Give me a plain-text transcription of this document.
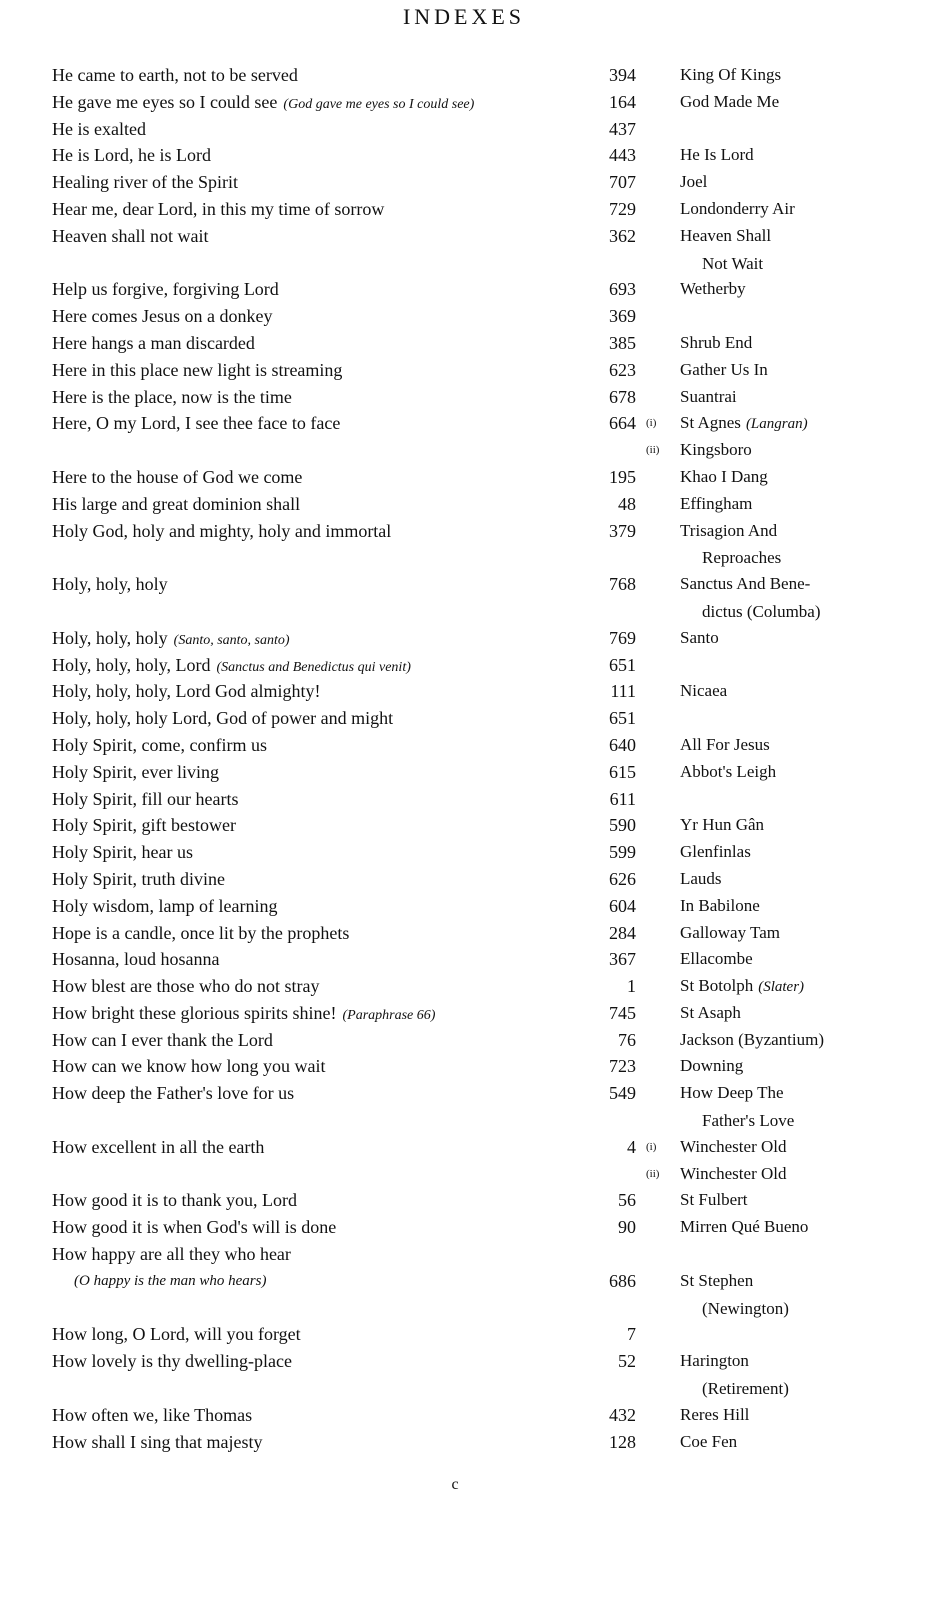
INDEXES
He came to earth, not to be served	394	King Of Kings
He gave me eyes so I could see (God gave me eyes so I could see)	164	God Made Me
He is exalted	437
He is Lord, he is Lord	443	He Is Lord
Healing river of the Spirit	707	Joel
Hear me, dear Lord, in this my time of sorrow	729	Londonderry Air
Heaven shall not wait	362	Heaven Shall
Not Wait
Help us forgive, forgiving Lord	693	Wetherby
Here comes Jesus on a donkey	369
Here hangs a man discarded	385	Shrub End
Here in this place new light is streaming	623	Gather Us In
Here is the place, now is the time	678	Suantrai
Here, O my Lord, I see thee face to face	664 (i) St Agnes (Langran)
(ii) Kingsboro
Here to the house of God we come	195	Khao I Dang
His large and great dominion shall	48	Effingham
Holy God, holy and mighty, holy and immortal	379	Trisagion And
Reproaches
Holy, holy, holy	768	Sanctus And Bene-
dictus (Columba)
Holy, holy, holy (Santo, santo, santo)	769	Santo
Holy, holy, holy, Lord (Sanctus and Benedictus qui venit)	651
Holy, holy, holy, Lord God almighty!	111	Nicaea
Holy, holy, holy Lord, God of power and might	651
Holy Spirit, come, confirm us	640	All For Jesus
Holy Spirit, ever living	615	Abbot's Leigh
Holy Spirit, fill our hearts	611
Holy Spirit, gift bestower	590	Yr Hun Gân
Holy Spirit, hear us	599	Glenfinlas
Holy Spirit, truth divine	626	Lauds
Holy wisdom, lamp of learning	604	In Babilone
Hope is a candle, once lit by the prophets	284	Galloway Tam
Hosanna, loud hosanna	367	Ellacombe
How blest are those who do not stray	1	St Botolph (Slater)
How bright these glorious spirits shine! (Paraphrase 66)	745	St Asaph
How can I ever thank the Lord	76	Jackson (Byzantium)
How can we know how long you wait	723	Downing
How deep the Father's love for us	549	How Deep The
Father's Love
How excellent in all the earth	4 (i) Winchester Old
(ii) Winchester Old
How good it is to thank you, Lord	56	St Fulbert
How good it is when God's will is done	90	Mirren Qué Bueno
How happy are all they who hear
(O happy is the man who hears)	686	St Stephen
(Newington)
How long, O Lord, will you forget	7
How lovely is thy dwelling-place	52	Harington
(Retirement)
How often we, like Thomas	432	Reres Hill
How shall I sing that majesty	128	Coe Fen
c
